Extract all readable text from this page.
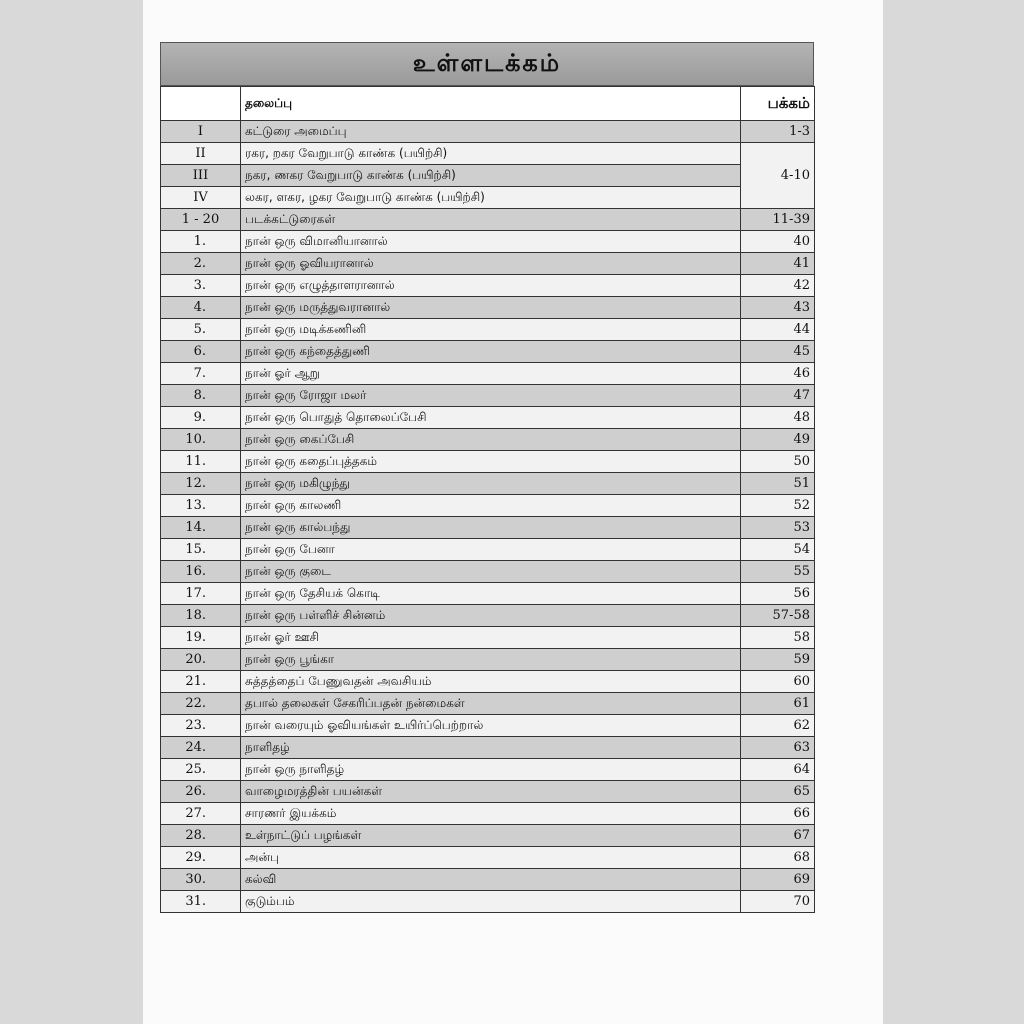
உள்ளடக்கம்
	தலைப்பு	பக்கம்
I	கட்டுரை அமைப்பு	1-3
II	ரகர, றகர வேறுபாடு காண்க (பயிற்சி)	4-10
III	நகர, ணகர வேறுபாடு காண்க (பயிற்சி)	
IV	லகர, ளகர, ழகர வேறுபாடு காண்க (பயிற்சி)	
1 - 20	படக்கட்டுரைகள்	11-39
1.	நான் ஒரு விமானியானால்	40
2.	நான் ஒரு ஓவியரானால்	41
3.	நான் ஒரு எழுத்தாளரானால்	42
4.	நான் ஒரு மருத்துவரானால்	43
5.	நான் ஒரு மடிக்கணினி	44
6.	நான் ஒரு கந்தைத்துணி	45
7.	நான் ஓர் ஆறு	46
8.	நான் ஒரு ரோஜா மலர்	47
9.	நான் ஒரு பொதுத் தொலைப்பேசி	48
10.	நான் ஒரு கைப்பேசி	49
11.	நான் ஒரு கதைப்புத்தகம்	50
12.	நான் ஒரு மகிழுந்து	51
13.	நான் ஒரு காலணி	52
14.	நான் ஒரு கால்பந்து	53
15.	நான் ஒரு பேனா	54
16.	நான் ஒரு குடை	55
17.	நான் ஒரு தேசியக் கொடி	56
18.	நான் ஒரு பள்ளிச் சின்னம்	57-58
19.	நான் ஓர் ஊசி	58
20.	நான் ஒரு பூங்கா	59
21.	சுத்தத்தைப் பேணுவதன் அவசியம்	60
22.	தபால் தலைகள் சேகரிப்பதன் நன்மைகள்	61
23.	நான் வரையும் ஓவியங்கள் உயிர்ப்பெற்றால்	62
24.	நாளிதழ்	63
25.	நான் ஒரு நாளிதழ்	64
26.	வாழைமரத்தின் பயன்கள்	65
27.	சாரணர் இயக்கம்	66
28.	உள்நாட்டுப் பழங்கள்	67
29.	அன்பு	68
30.	கல்வி	69
31.	குடும்பம்	70
